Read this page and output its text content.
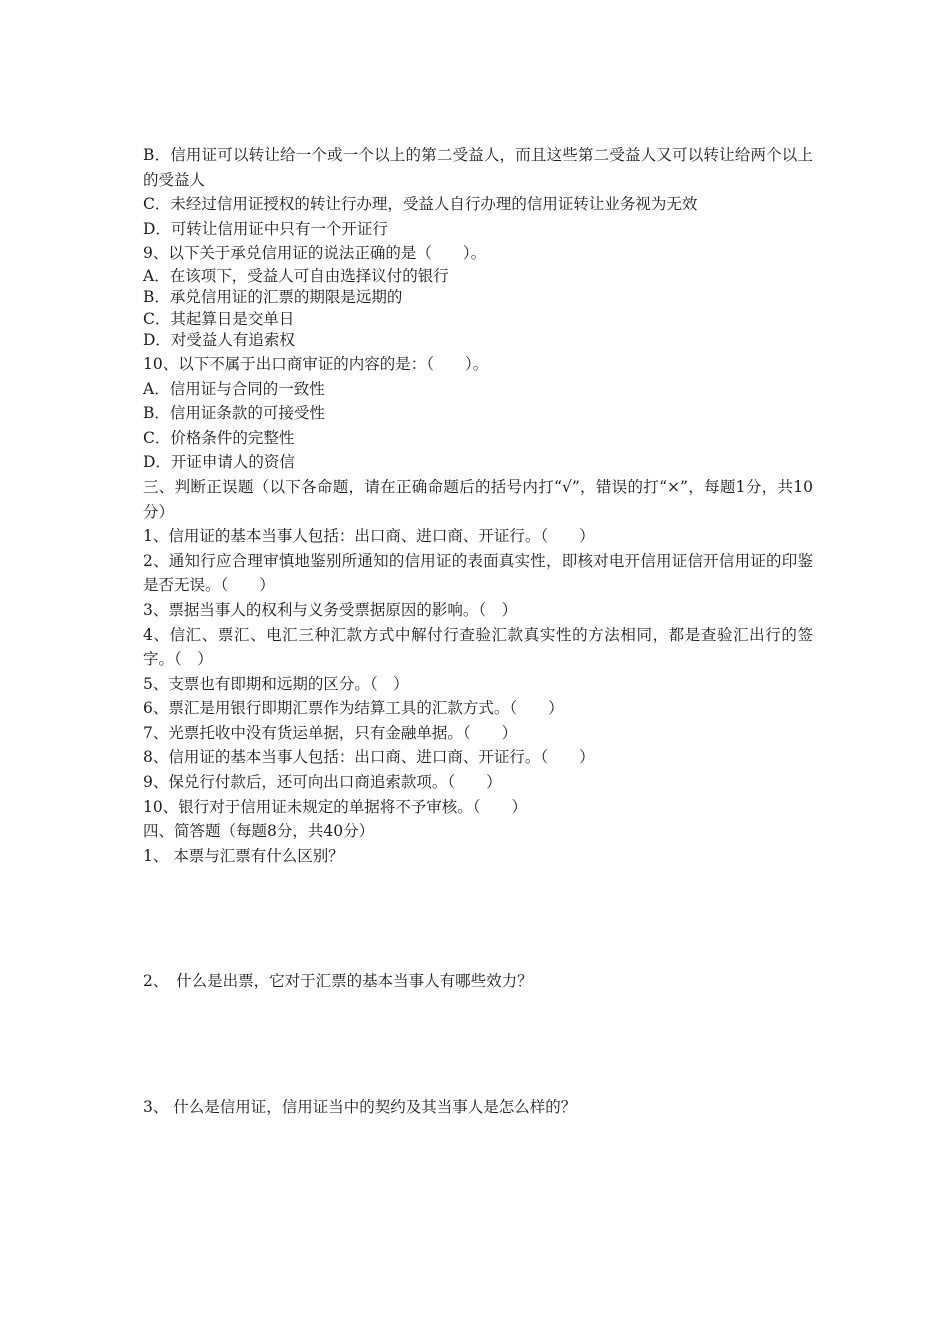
B．信用证可以转让给一个或一个以上的第二受益人，而且这些第二受益人又可以转让给两个以上的受益人
C．未经过信用证授权的转让行办理，受益人自行办理的信用证转让业务视为无效
D．可转让信用证中只有一个开证行
9、以下关于承兑信用证的说法正确的是（　　）。
A．在该项下，受益人可自由选择议付的银行
B．承兑信用证的汇票的期限是远期的
C．其起算日是交单日
D．对受益人有追索权
10、以下不属于出口商审证的内容的是：（　　）。
A．信用证与合同的一致性
B．信用证条款的可接受性
C．价格条件的完整性
D．开证申请人的资信
三、判断正误题（以下各命题，请在正确命题后的括号内打“√”，错误的打“×”，每题1分，共10分）
1、信用证的基本当事人包括：出口商、进口商、开证行。（　　）
2、通知行应合理审慎地鉴别所通知的信用证的表面真实性，即核对电开信用证信开信用证的印鉴是否无误。（　　）
3、票据当事人的权利与义务受票据原因的影响。（　）
4、信汇、票汇、电汇三种汇款方式中解付行查验汇款真实性的方法相同，都是查验汇出行的签字。（　）
5、支票也有即期和远期的区分。（　）
6、票汇是用银行即期汇票作为结算工具的汇款方式。（　　）
7、光票托收中没有货运单据，只有金融单据。（　　）
8、信用证的基本当事人包括：出口商、进口商、开证行。（　　）
9、保兑行付款后，还可向出口商追索款项。（　　）
10、银行对于信用证未规定的单据将不予审核。（　　）
四、简答题（每题8分，共40分）
1、 本票与汇票有什么区别？
2、　什么是出票，它对于汇票的基本当事人有哪些效力？
3、 什么是信用证，信用证当中的契约及其当事人是怎么样的？
